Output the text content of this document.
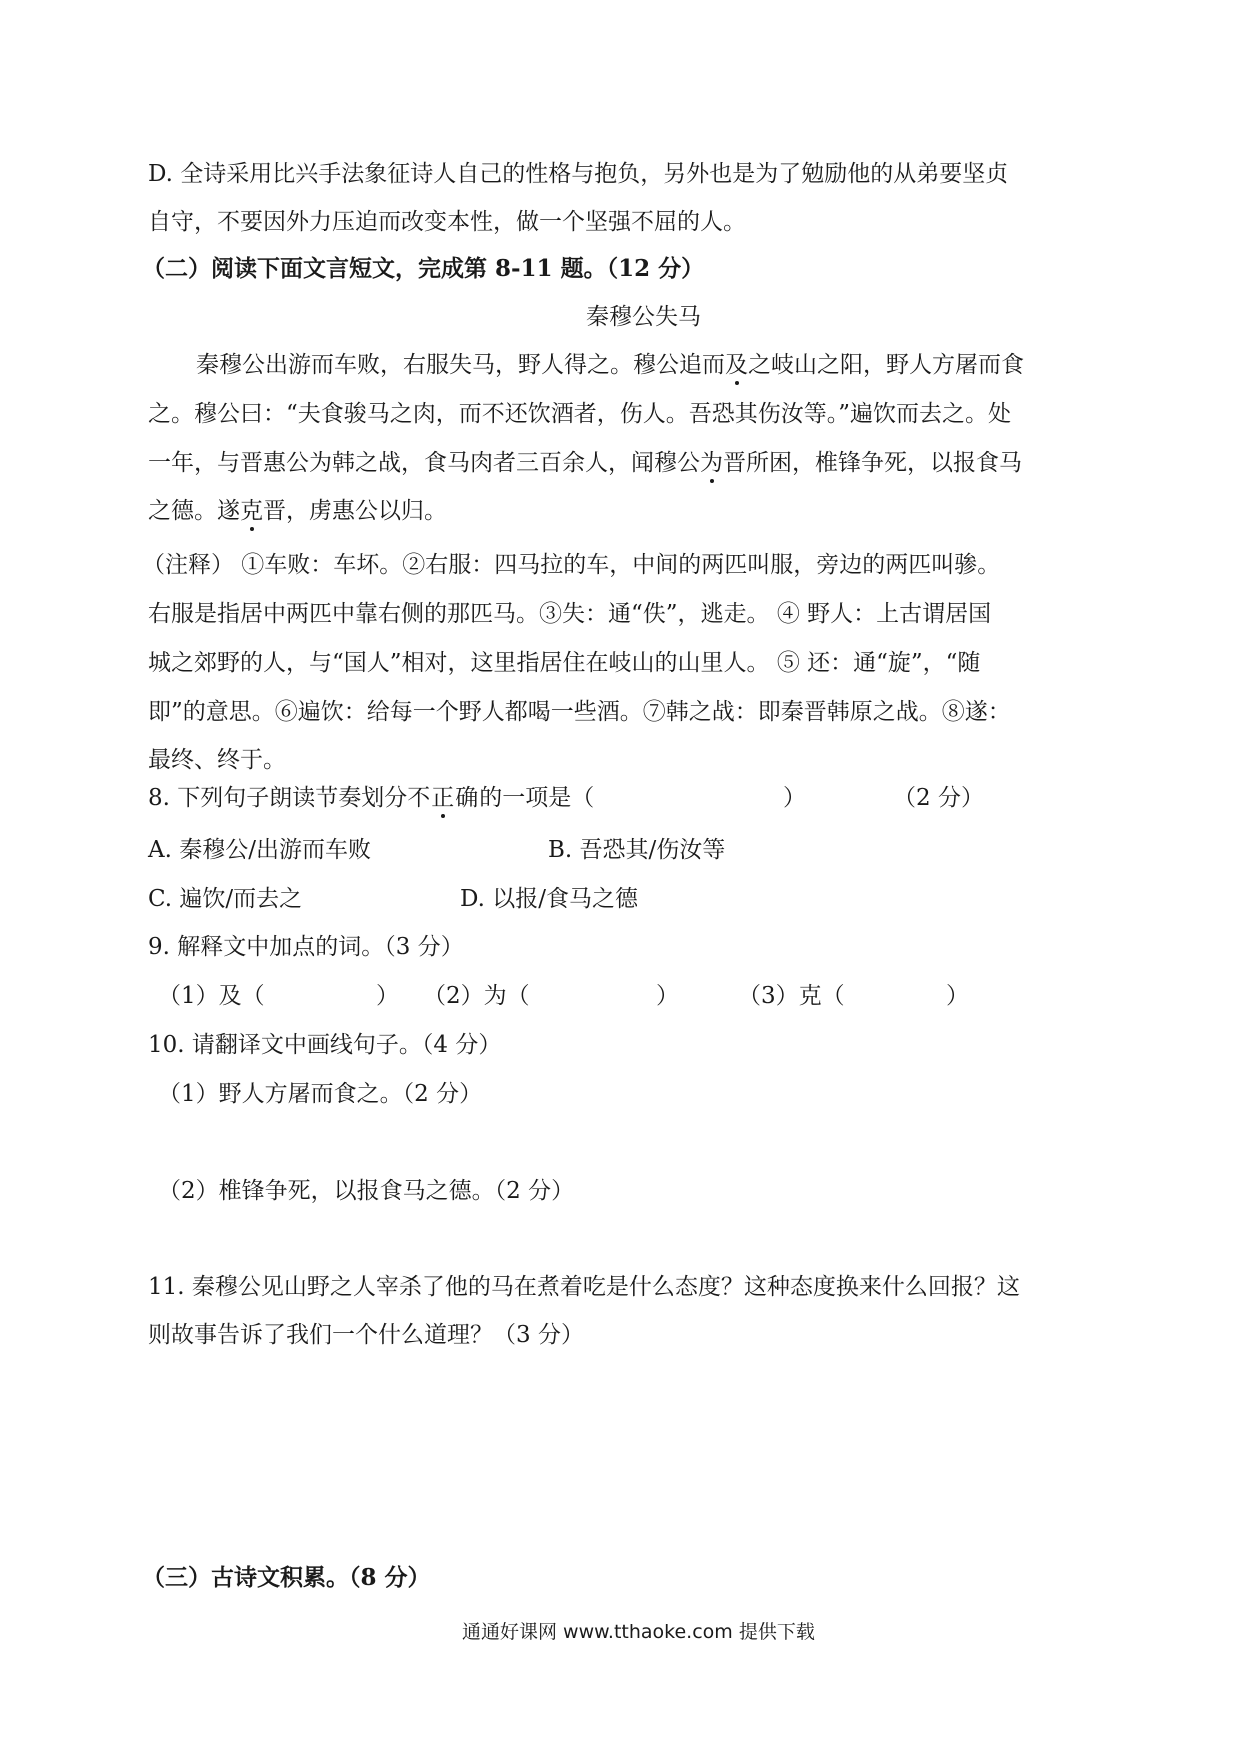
D. 全诗采用比兴手法象征诗人自己的性格与抱负，另外也是为了勉励他的从弟要坚贞
自守，不要因外力压迫而改变本性，做一个坚强不屈的人。
（二）阅读下面文言短文，完成第 8-11 题。（12 分）
秦穆公失马
秦穆公出游而车败，右服失马，野人得之。穆公追而及之岐山之阳，野人方屠而食
之。穆公曰：“夫食骏马之肉，而不还饮酒者，伤人。吾恐其伤汝等。”遍饮而去之。处
一年，与晋惠公为韩之战，食马肉者三百余人，闻穆公为晋所困，椎锋争死，以报食马
之德。遂克晋，虏惠公以归。
（注释） ①车败：车坏。②右服：四马拉的车，中间的两匹叫服，旁边的两匹叫骖。
右服是指居中两匹中靠右侧的那匹马。③失：通“佚”，逃走。 ④ 野人：上古谓居国
城之郊野的人，与“国人”相对，这里指居住在岐山的山里人。 ⑤ 还：通“旋”，“随
即”的意思。⑥遍饮：给每一个野人都喝一些酒。⑦韩之战：即秦晋韩原之战。⑧遂：
最终、终于。
8. 下列句子朗读节奏划分不正确的一项是（	）	（2 分）
A. 秦穆公/出游而车败	B. 吾恐其/伤汝等
C. 遍饮/而去之	D. 以报/食马之德
9. 解释文中加点的词。（3 分）
（1）及（	） （2）为（	）	（3）克（	）
10. 请翻译文中画线句子。（4 分）
（1）野人方屠而食之。（2 分）
（2）椎锋争死，以报食马之德。（2 分）
11. 秦穆公见山野之人宰杀了他的马在煮着吃是什么态度？这种态度换来什么回报？这
则故事告诉了我们一个什么道理？（3 分）
（三）古诗文积累。（8 分）
通通好课网 www.tthaoke.com 提供下载
